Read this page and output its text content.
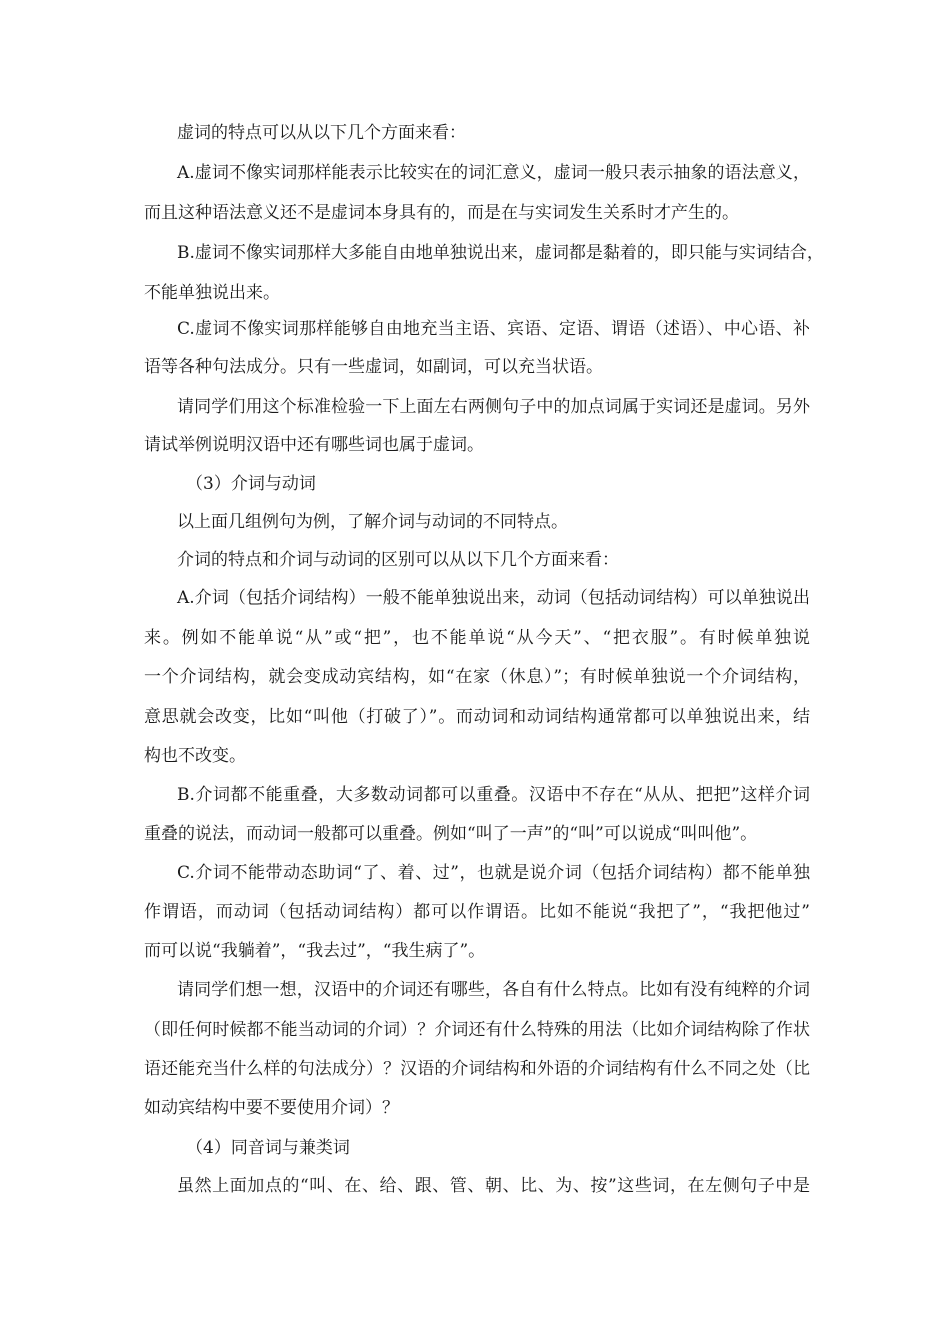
虚词的特点可以从以下几个方面来看：
A.虚词不像实词那样能表示比较实在的词汇意义，虚词一般只表示抽象的语法意义，
而且这种语法意义还不是虚词本身具有的，而是在与实词发生关系时才产生的。
B.虚词不像实词那样大多能自由地单独说出来，虚词都是黏着的，即只能与实词结合，
不能单独说出来。
C.虚词不像实词那样能够自由地充当主语、宾语、定语、谓语（述语）、中心语、补
语等各种句法成分。只有一些虚词，如副词，可以充当状语。
请同学们用这个标准检验一下上面左右两侧句子中的加点词属于实词还是虚词。另外
请试举例说明汉语中还有哪些词也属于虚词。
（3）介词与动词
以上面几组例句为例，了解介词与动词的不同特点。
介词的特点和介词与动词的区别可以从以下几个方面来看：
A.介词（包括介词结构）一般不能单独说出来，动词（包括动词结构）可以单独说出
来。例如不能单说“从”或“把”，也不能单说“从今天”、“把衣服”。有时候单独说
一个介词结构，就会变成动宾结构，如“在家（休息）”；有时候单独说一个介词结构，
意思就会改变，比如“叫他（打破了）”。而动词和动词结构通常都可以单独说出来，结
构也不改变。
B.介词都不能重叠，大多数动词都可以重叠。汉语中不存在“从从、把把”这样介词
重叠的说法，而动词一般都可以重叠。例如“叫了一声”的“叫”可以说成“叫叫他”。
C.介词不能带动态助词“了、着、过”，也就是说介词（包括介词结构）都不能单独
作谓语，而动词（包括动词结构）都可以作谓语。比如不能说“我把了”，“我把他过”
而可以说“我躺着”，“我去过”，“我生病了”。
请同学们想一想，汉语中的介词还有哪些，各自有什么特点。比如有没有纯粹的介词
（即任何时候都不能当动词的介词）？介词还有什么特殊的用法（比如介词结构除了作状
语还能充当什么样的句法成分）？汉语的介词结构和外语的介词结构有什么不同之处（比
如动宾结构中要不要使用介词）？
（4）同音词与兼类词
虽然上面加点的“叫、在、给、跟、管、朝、比、为、按”这些词，在左侧句子中是
